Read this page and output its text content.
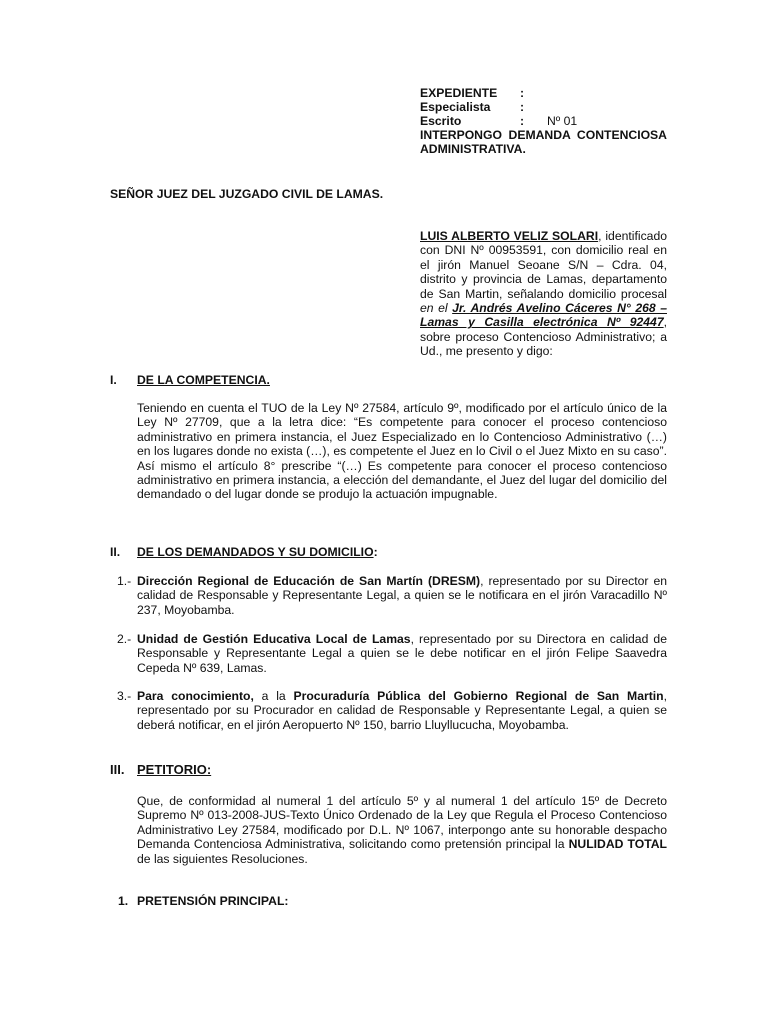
EXPEDIENTE :
Especialista :
Escrito	: Nº 01
INTERPONGO DEMANDA CONTENCIOSA ADMINISTRATIVA.
SEÑOR JUEZ DEL JUZGADO CIVIL DE LAMAS.
LUIS ALBERTO VELIZ SOLARI, identificado con DNI Nº 00953591, con domicilio real en el jirón Manuel Seoane S/N – Cdra. 04, distrito y provincia de Lamas, departamento de San Martin, señalando domicilio procesal en el Jr. Andrés Avelino Cáceres N° 268 – Lamas y Casilla electrónica Nº 92447, sobre proceso Contencioso Administrativo; a Ud., me presento y digo:
I. DE LA COMPETENCIA.
Teniendo en cuenta el TUO de la Ley Nº 27584, artículo 9º, modificado por el artículo único de la Ley Nº 27709, que a la letra dice: “Es competente para conocer el proceso contencioso administrativo en primera instancia, el Juez Especializado en lo Contencioso Administrativo (…) en los lugares donde no exista (…), es competente el Juez en lo Civil o el Juez Mixto en su caso”. Así mismo el artículo 8° prescribe “(…) Es competente para conocer el proceso contencioso administrativo en primera instancia, a elección del demandante, el Juez del lugar del domicilio del demandado o del lugar donde se produjo la actuación impugnable.
II. DE LOS DEMANDADOS Y SU DOMICILIO:
1.- Dirección Regional de Educación de San Martín (DRESM), representado por su Director en calidad de Responsable y Representante Legal, a quien se le notificara en el jirón Varacadillo Nº 237, Moyobamba.
2.- Unidad de Gestión Educativa Local de Lamas, representado por su Directora en calidad de Responsable y Representante Legal a quien se le debe notificar en el jirón Felipe Saavedra Cepeda Nº 639, Lamas.
3.- Para conocimiento, a la Procuraduría Pública del Gobierno Regional de San Martin, representado por su Procurador en calidad de Responsable y Representante Legal, a quien se deberá notificar, en el jirón Aeropuerto Nº 150, barrio Lluyllucucha, Moyobamba.
III. PETITORIO:
Que, de conformidad al numeral 1 del artículo 5º y al numeral 1 del artículo 15º de Decreto Supremo Nº 013-2008-JUS-Texto Único Ordenado de la Ley que Regula el Proceso Contencioso Administrativo Ley 27584, modificado por D.L. Nº 1067, interpongo ante su honorable despacho Demanda Contenciosa Administrativa, solicitando como pretensión principal la NULIDAD TOTAL de las siguientes Resoluciones.
1. PRETENSIÓN PRINCIPAL:
